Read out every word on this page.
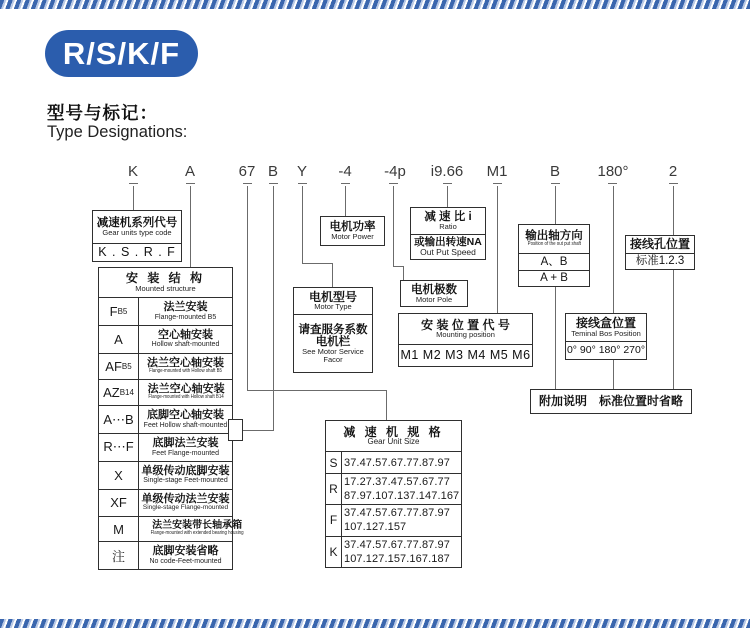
R/S/K/F
型号与标记：
Type Designations:
K	A	67 B Y -4 -4p i9.66 M1	B 180°	2
减速机系列代号
Gear units type code
K . S . R . F
安 装 结 构
Mounted structure
F B5	法兰安装
Flange-mounted B5
A	空心轴安装
Hollow shaft-mounted
AF B5 法兰空心轴安装
Flange-mounted with Hollow shaft B5
AZ B14 法兰空心轴安装
Flange-mounted with Hollow shaft B14
A⋯B 底脚空心轴安装
Feet Hollow shaft-mounted
R⋯F 底脚法兰安装
Feet Flange-mounted
X 单级传动底脚安装
Single-stage Feet-mounted
XF 单级传动法兰安装
Single-stage Flange-mounted
M	法兰安装带长轴承箱
Flange-mounted with extended bearing housing
注	底脚安装省略
No code-Feet-mounted
电机功率
Motor Power
电机型号
Motor Type
请查服务系数
电机栏
See Motor Service
Facor
减 速 比 i
Ratio
或输出转速NA
Out Put Speed
电机极数
Motor Pole
安 装 位 置 代 号
Mounting position
M1 M2 M3 M4 M5 M6
输出轴方向
Position of the out put shaft
A、B
A + B
接线孔位置
标准1.2.3
接线盒位置
Teminal Bos Position
0° 90° 180° 270°
减 速 机 规 格
Gear Unit Size
S 37.47.57.67.77.87.97
R 17.27.37.47.57.67.77
87.97.107.137.147.167
F 37.47.57.67.77.87.97
107.127.157
K 37.47.57.67.77.87.97
107.127.157.167.187
附加说明　标准位置时省略
